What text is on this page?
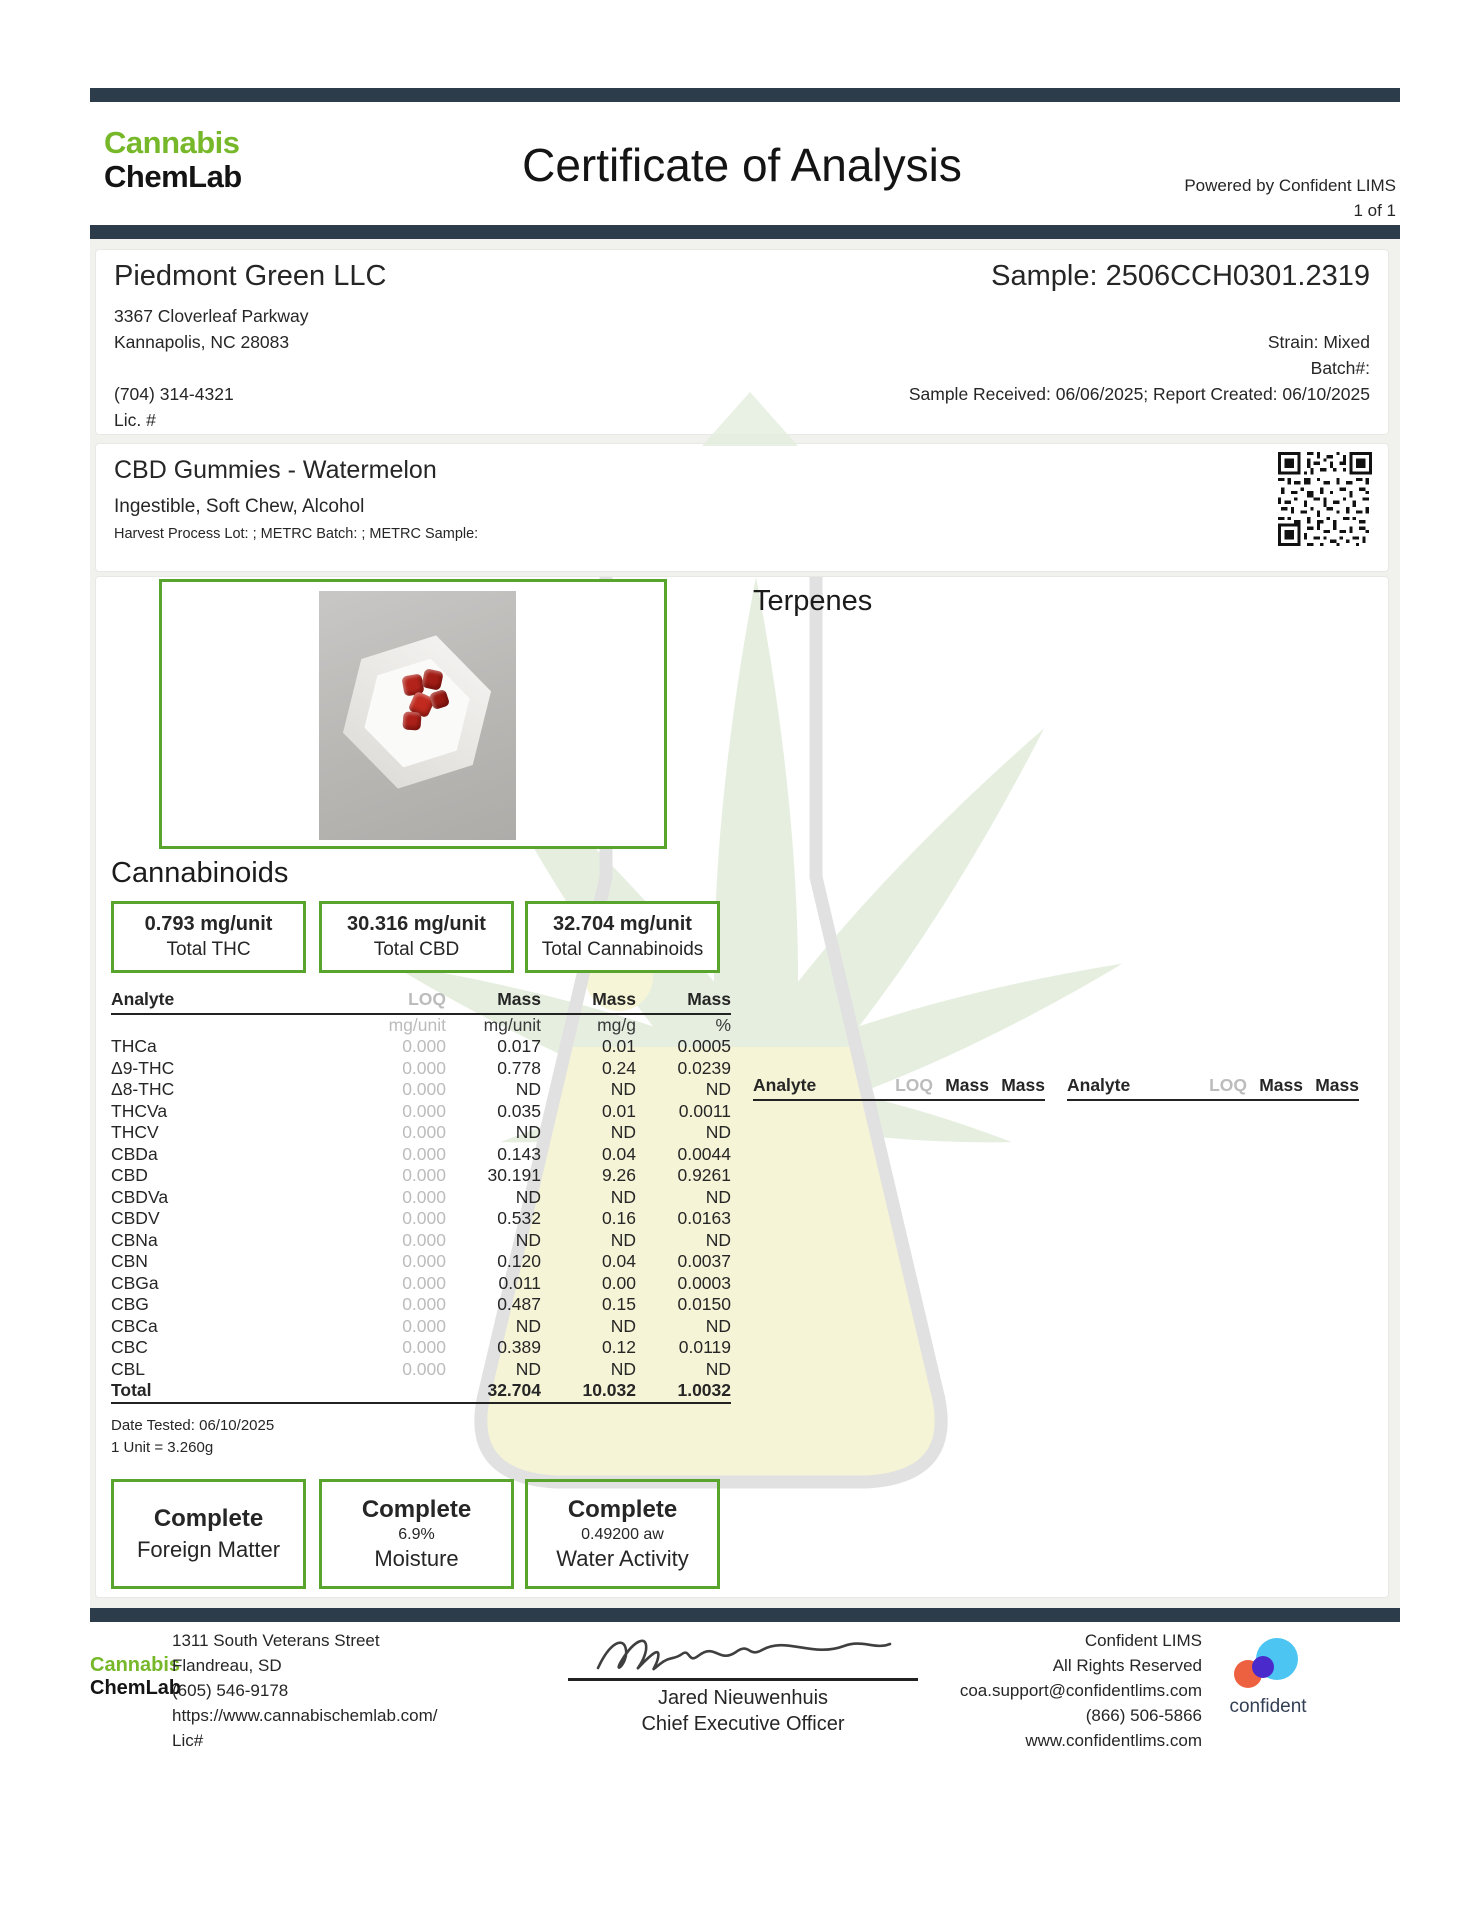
Cannabis
ChemLab	Certificate of Analysis	Powered by Confident LIMS
1 of 1
Piedmont Green LLC
3367 Cloverleaf Parkway
Kannapolis, NC 28083
(704) 314-4321
Lic. #
Sample: 2506CCH0301.2319
Strain: Mixed
Batch#:
Sample Received: 06/06/2025; Report Created: 06/10/2025
CBD Gummies - Watermelon
Ingestible, Soft Chew, Alcohol
Harvest Process Lot: ; METRC Batch: ; METRC Sample:
Terpenes
Analyte	LOQ Mass Mass Analyte	LOQ Mass Mass
Cannabinoids
0.793 mg/unit
Total THC
30.316 mg/unit
Total CBD
32.704 mg/unit
Total Cannabinoids
Analyte	LOQ	Mass	Mass	Mass
	mg/unit	mg/unit	mg/g	%
THCa	0.000	0.017	0.01	0.0005
Δ9-THC	0.000	0.778	0.24	0.0239
Δ8-THC	0.000	ND	ND	ND
THCVa	0.000	0.035	0.01	0.0011
THCV	0.000	ND	ND	ND
CBDa	0.000	0.143	0.04	0.0044
CBD	0.000	30.191	9.26	0.9261
CBDVa	0.000	ND	ND	ND
CBDV	0.000	0.532	0.16	0.0163
CBNa	0.000	ND	ND	ND
CBN	0.000	0.120	0.04	0.0037
CBGa	0.000	0.011	0.00	0.0003
CBG	0.000	0.487	0.15	0.0150
CBCa	0.000	ND	ND	ND
CBC	0.000	0.389	0.12	0.0119
CBL	0.000	ND	ND	ND
Total		32.704	10.032	1.0032
Date Tested: 06/10/2025
1 Unit = 3.260g
Complete
Foreign Matter
Complete
6.9%
Moisture
Complete
0.49200 aw
Water Activity
Cannabis
ChemLab
1311 South Veterans Street
Flandreau, SD
(605) 546-9178
https://www.cannabischemlab.com/
Lic#
Jared Nieuwenhuis
Chief Executive Officer
Confident LIMS
All Rights Reserved
coa.support@confidentlims.com
(866) 506-5866
www.confidentlims.com
confident
